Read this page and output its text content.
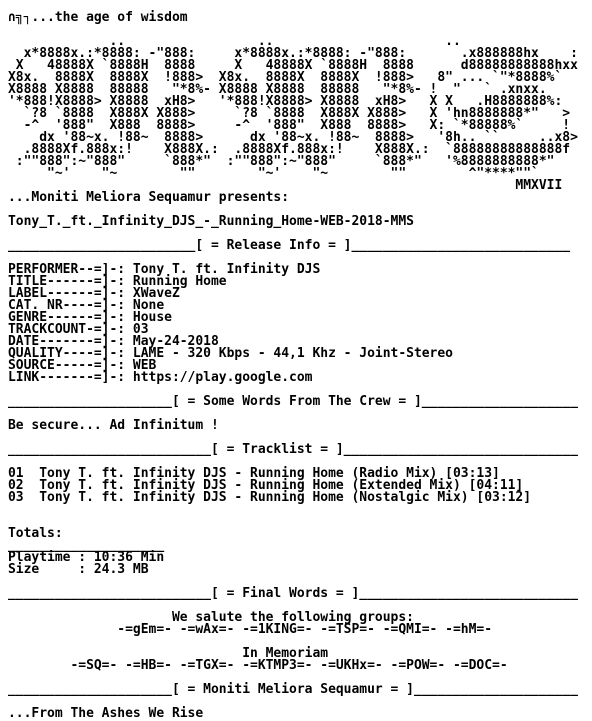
∩╗┐...the age of wisdom

..                 ..                      ..
x*8888x.:*8888: -"888:     x*8888x.:*8888: -"888:       .x888888hx    :
X   48888X `8888H  8888     X   48888X `8888H  8888      d88888888888hxx
X8x.  8888X  8888X  !888>  X8x.  8888X  8888X  !888>   8" ... `"*8888%`
X8888 X8888  88888   "*8%- X8888 X8888  88888   "*8%- !  "   ` .xnxx.
'*888!X8888> X8888  xH8>   '*888!X8888> X8888  xH8>   X X   .H8888888%:
`?8 `8888  X888X X888>     `?8 `8888  X888X X888>   X 'hn8888888*"   >
-^  '888"  X888  8888>     -^  '888"  X888  8888>   X: `*88888%`     !
dx '88~x. !88~  8888>      dx '88~x. !88~  8888>   '8h.. ``     ..x8>
.8888Xf.888x:!    X888X.:  .8888Xf.888x:!    X888X.:  `88888888888888f
:""888":~"888"     `888*"  :""888":~"888"     `888*"   '%8888888888*"
"~'    "~        ""        "~'    "~        ""        ^"****""`
MMXVII
...Moniti Meliora Sequamur presents:

Tony_T._ft._Infinity_DJS_-_Running_Home-WEB-2018-MMS

________________________[ = Release Info = ]____________________________

PERFORMER--=]-: Tony T. ft. Infinity DJS
TITLE------=]-: Running Home
LABEL------=]-: XWaveZ
CAT. NR----=]-: None
GENRE------=]-: House
TRACKCOUNT-=]-: 03
DATE-------=]-: May-24-2018
QUALITY----=]-: LAME - 320 Kbps - 44,1 Khz - Joint-Stereo
SOURCE-----=]-: WEB
LINK-------=]-: https://play.google.com

_____________________[ = Some Words From The Crew = ]____________________

Be secure... Ad Infinitum !

__________________________[ = Tracklist = ]______________________________

01  Tony T. ft. Infinity DJS - Running Home (Radio Mix) [03:13]
02  Tony T. ft. Infinity DJS - Running Home (Extended Mix) [04:11]
03  Tony T. ft. Infinity DJS - Running Home (Nostalgic Mix) [03:12]

Totals:
____________________
Playtime : 10:36 Min
Size     : 24.3 MB

__________________________[ = Final Words = ]____________________________

We salute the following groups:
-=gEm=- -=wAx=- -=1KING=- -=TSP=- -=QMI=- -=hM=-

In Memoriam
-=SQ=- -=HB=- -=TGX=- -=KTMP3=- -=UKHx=- -=POW=- -=DOC=-

_____________________[ = Moniti Meliora Sequamur = ]_____________________

...From The Ashes We Rise
